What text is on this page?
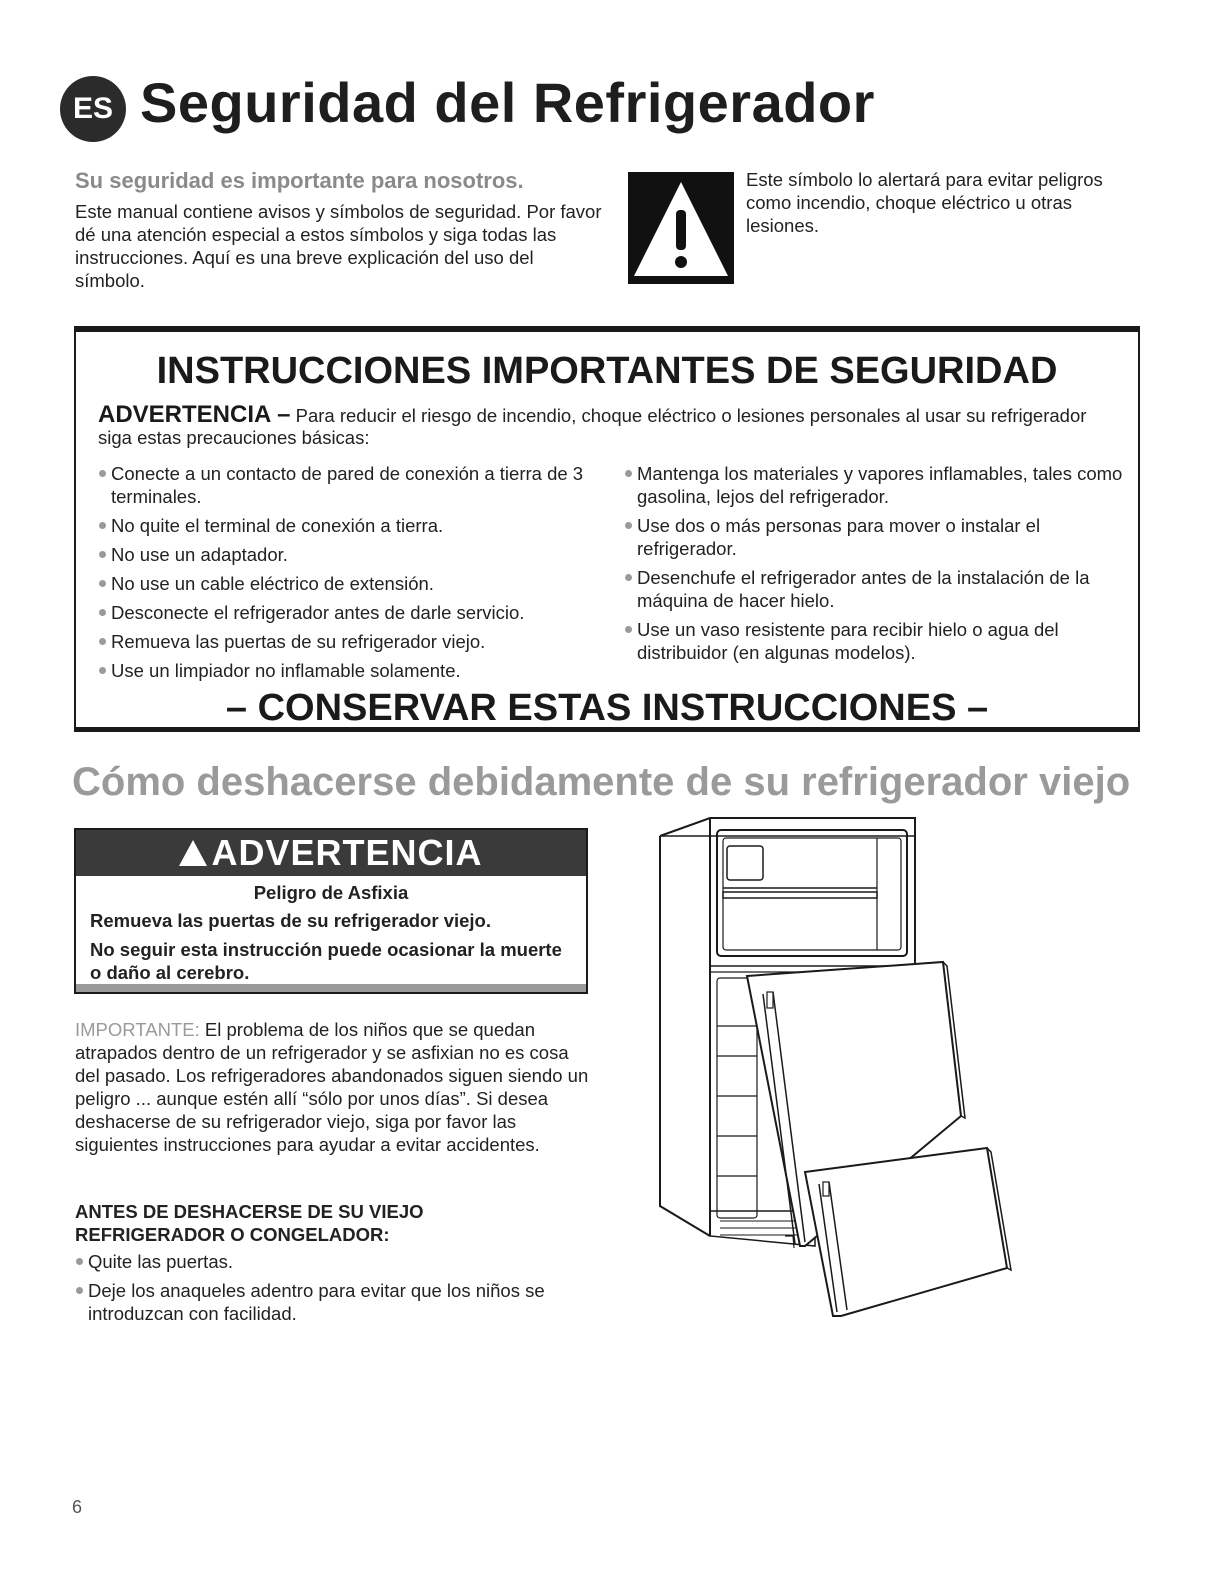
ES Seguridad del Refrigerador
Su seguridad es importante para nosotros.
Este manual contiene avisos y símbolos de seguridad. Por favor dé una atención especial a estos símbolos y siga todas las instrucciones. Aquí es una breve explicación del uso del símbolo.
Este símbolo lo alertará para evitar peligros como incendio, choque eléctrico u otras lesiones.
INSTRUCCIONES IMPORTANTES DE SEGURIDAD
ADVERTENCIA – Para reducir el riesgo de incendio, choque eléctrico o lesiones personales al usar su refrigerador siga estas precauciones básicas:
Conecte a un contacto de pared de conexión a tierra de 3 terminales.
No quite el terminal de conexión a tierra.
No use un adaptador.
No use un cable eléctrico de extensión.
Desconecte el refrigerador antes de darle servicio.
Remueva las puertas de su refrigerador viejo.
Use un limpiador no inflamable solamente.
Mantenga los materiales y vapores inflamables, tales como gasolina, lejos del refrigerador.
Use dos o más personas para mover o instalar el refrigerador.
Desenchufe el refrigerador antes de la instalación de la máquina de hacer hielo.
Use un vaso resistente para recibir hielo o agua del distribuidor (en algunas modelos).
– CONSERVAR ESTAS INSTRUCCIONES –
Cómo deshacerse debidamente de su refrigerador viejo
ADVERTENCIA
Peligro de Asfixia
Remueva las puertas de su refrigerador viejo.
No seguir esta instrucción puede ocasionar la muerte o daño al cerebro.
IMPORTANTE: El problema de los niños que se quedan atrapados dentro de un refrigerador y se asfixian no es cosa del pasado. Los refrigeradores abandonados siguen siendo un peligro ... aunque estén allí “sólo por unos días”. Si desea deshacerse de su refrigerador viejo, siga por favor las siguientes instrucciones para ayudar a evitar accidentes.
ANTES DE DESHACERSE DE SU VIEJO REFRIGERADOR O CONGELADOR:
Quite las puertas.
Deje los anaqueles adentro para evitar que los niños se introduzcan con facilidad.
6
